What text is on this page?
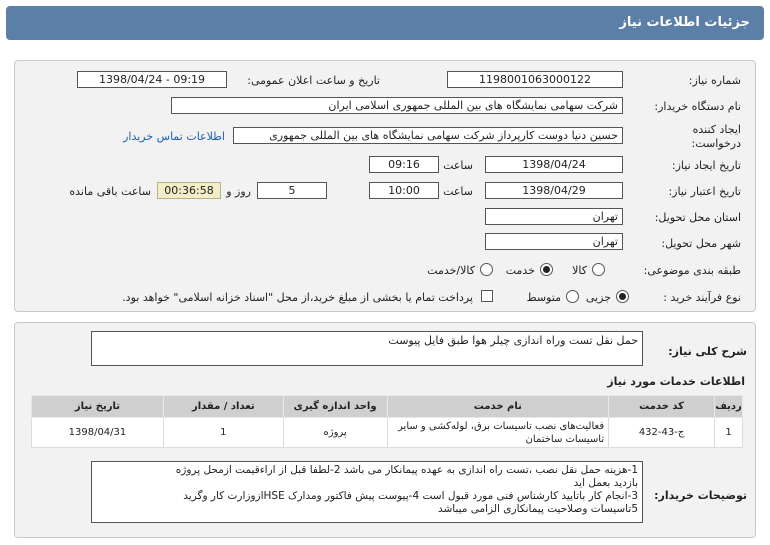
جزئیات اطلاعات نیاز
شماره نیاز:
1198001063000122
تاریخ و ساعت اعلان عمومی:
1398/04/24 - 09:19
نام دستگاه خریدار:
شرکت سهامی نمایشگاه های بین المللی جمهوری اسلامی ایران
ایجاد کننده
درخواست:
حسین دنیا دوست کارپرداز شرکت سهامی نمایشگاه های بین المللی جمهوری
اطلاعات تماس خریدار
تاریخ ایجاد نیاز:
1398/04/24
ساعت
09:16
تاریخ اعتبار نیاز:
1398/04/29
ساعت
10:00
5
روز و
00:36:58
ساعت باقی مانده
استان محل تحویل:
تهران
شهر محل تحویل:
تهران
طبقه بندی موضوعی:
کالا
خدمت
کالا/خدمت
نوع فرآیند خرید :
جزیی
متوسط
پرداخت تمام یا بخشی از مبلغ خرید،از محل "اسناد خزانه اسلامی" خواهد بود.
شرح کلی نیاز:
حمل نقل تست وراه اندازی چیلر هوا طبق فایل پیوست
اطلاعات خدمات مورد نیاز
ردیف	کد خدمت	نام خدمت	واحد اندازه گیری	تعداد / مقدار	تاریخ نیاز
1	ج-43-432	فعالیت‌های نصب تاسیسات برق، لوله‌کشی و سایر
تاسیسات ساختمان	پروژه	1	1398/04/31
توضیحات خریدار:
1-هزینه حمل نقل نصب ،تست راه اندازی به عهده پیمانکار می باشد 2-لطفا قبل از اراءقیمت ازمحل پروژه
بازدید بعمل اید
3-انجام کار باتایید کارشناس فنی مورد قبول است 4-پیوست پیش فاکتور ومدارک HSEازوزارت کار وگرید
5تاسیسات وصلاحیت پیمانکاری الزامی میباشد
